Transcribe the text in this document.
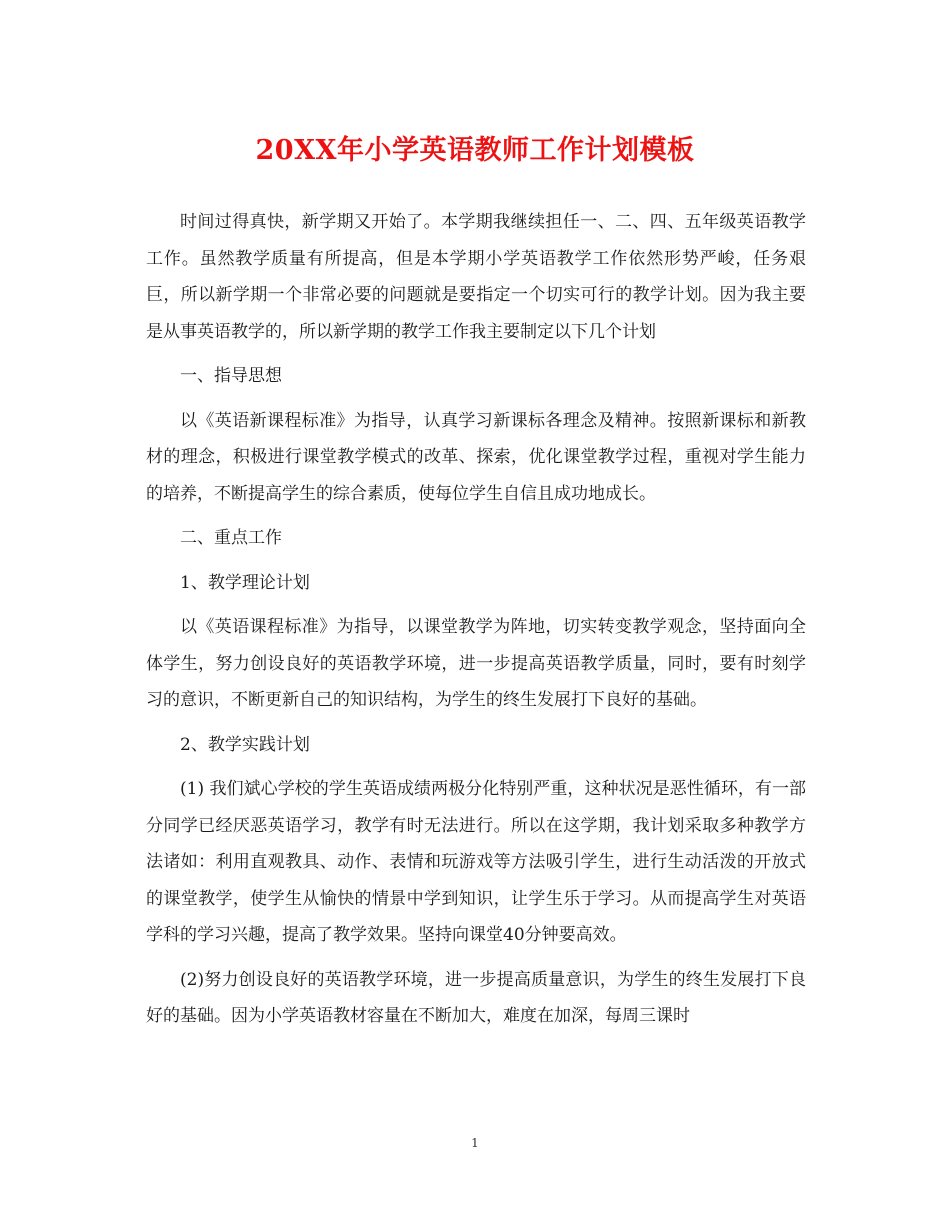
20XX年小学英语教师工作计划模板

时间过得真快，新学期又开始了。本学期我继续担任一、二、四、五年级英语教学工作。虽然教学质量有所提高，但是本学期小学英语教学工作依然形势严峻，任务艰巨，所以新学期一个非常必要的问题就是要指定一个切实可行的教学计划。因为我主要是从事英语教学的，所以新学期的教学工作我主要制定以下几个计划

一、指导思想

以《英语新课程标准》为指导，认真学习新课标各理念及精神。按照新课标和新教材的理念，积极进行课堂教学模式的改革、探索，优化课堂教学过程，重视对学生能力的培养，不断提高学生的综合素质，使每位学生自信且成功地成长。

二、重点工作

1、教学理论计划

以《英语课程标准》为指导，以课堂教学为阵地，切实转变教学观念，坚持面向全体学生，努力创设良好的英语教学环境，进一步提高英语教学质量，同时，要有时刻学习的意识，不断更新自己的知识结构，为学生的终生发展打下良好的基础。

2、教学实践计划

(1) 我们斌心学校的学生英语成绩两极分化特别严重，这种状况是恶性循环，有一部分同学已经厌恶英语学习，教学有时无法进行。所以在这学期，我计划采取多种教学方法诸如：利用直观教具、动作、表情和玩游戏等方法吸引学生，进行生动活泼的开放式的课堂教学，使学生从愉快的情景中学到知识，让学生乐于学习。从而提高学生对英语学科的学习兴趣，提高了教学效果。坚持向课堂40分钟要高效。

(2)努力创设良好的英语教学环境，进一步提高质量意识，为学生的终生发展打下良好的基础。因为小学英语教材容量在不断加大，难度在加深，每周三课时

1
